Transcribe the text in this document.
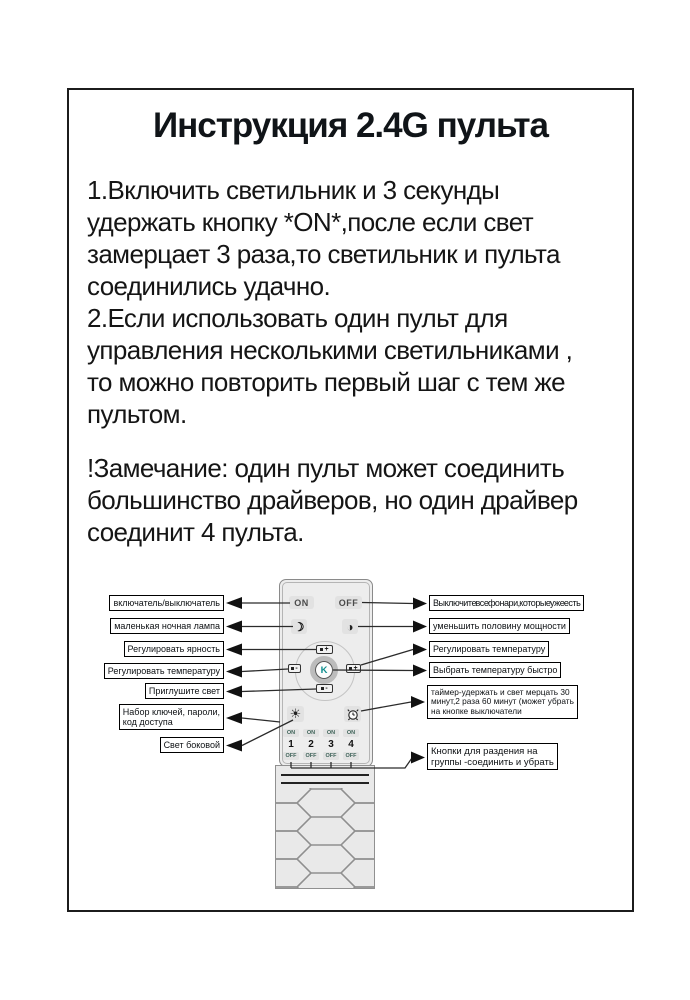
Инструкция 2.4G пульта
1.Включить светильник и 3 секунды
удержать кнопку *ON*,после если свет
замерцает 3 раза,то светильник и пульта
соединились удачно.
2.Если использовать один пульт для
управления несколькими светильниками ,
то можно повторить первый шаг с тем же
пультом.
!Замечание: один пульт может соединить
большинство драйверов, но один драйвер
соединит 4 пульта.
ON	OFF
☽	◑
K
+
-
-	+
☀
ON
1
OFF
ON
2
OFF
ON
3
OFF
ON
4
OFF
включатель/выключатель
маленькая ночная лампа
Регулировать ярность
Регулировать температуру
Приглушите свет
Набор ключей, пароли,
код доступа
Свет боковой
Выключите все фонари, которые уже есть
уменьшить половину мощности
Регулировать температуру
Выбрать температуру быстро
таймер-удержать и свет мерцать 30
минут,2 раза 60 минут (может убрать
на кнопке выключатели
Кнопки для раздения на
группы -соединить и убрать
